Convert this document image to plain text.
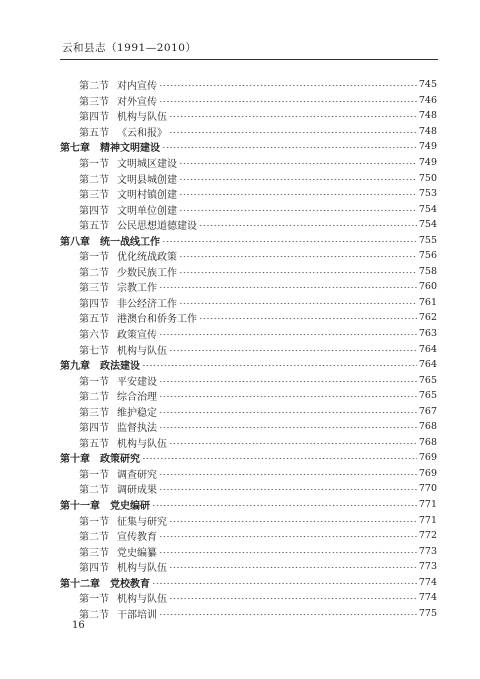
云和县志（1991—2010）
第二节 对内宣传	745
第三节 对外宣传	746
第四节 机构与队伍	748
第五节 《云和报》	748
第七章 精神文明建设	749
第一节 文明城区建设	749
第二节 文明县城创建	750
第三节 文明村镇创建	753
第四节 文明单位创建	754
第五节 公民思想道德建设	754
第八章 统一战线工作	755
第一节 优化统战政策	756
第二节 少数民族工作	758
第三节 宗教工作	760
第四节 非公经济工作	761
第五节 港澳台和侨务工作	762
第六节 政策宣传	763
第七节 机构与队伍	764
第九章 政法建设	764
第一节 平安建设	765
第二节 综合治理	765
第三节 维护稳定	767
第四节 监督执法	768
第五节 机构与队伍	768
第十章 政策研究	769
第一节 调查研究	769
第二节 调研成果	770
第十一章 党史编研	771
第一节 征集与研究	771
第二节 宣传教育	772
第三节 党史编纂	773
第四节 机构与队伍	773
第十二章 党校教育	774
第一节 机构与队伍	774
第二节 干部培训	775
16
